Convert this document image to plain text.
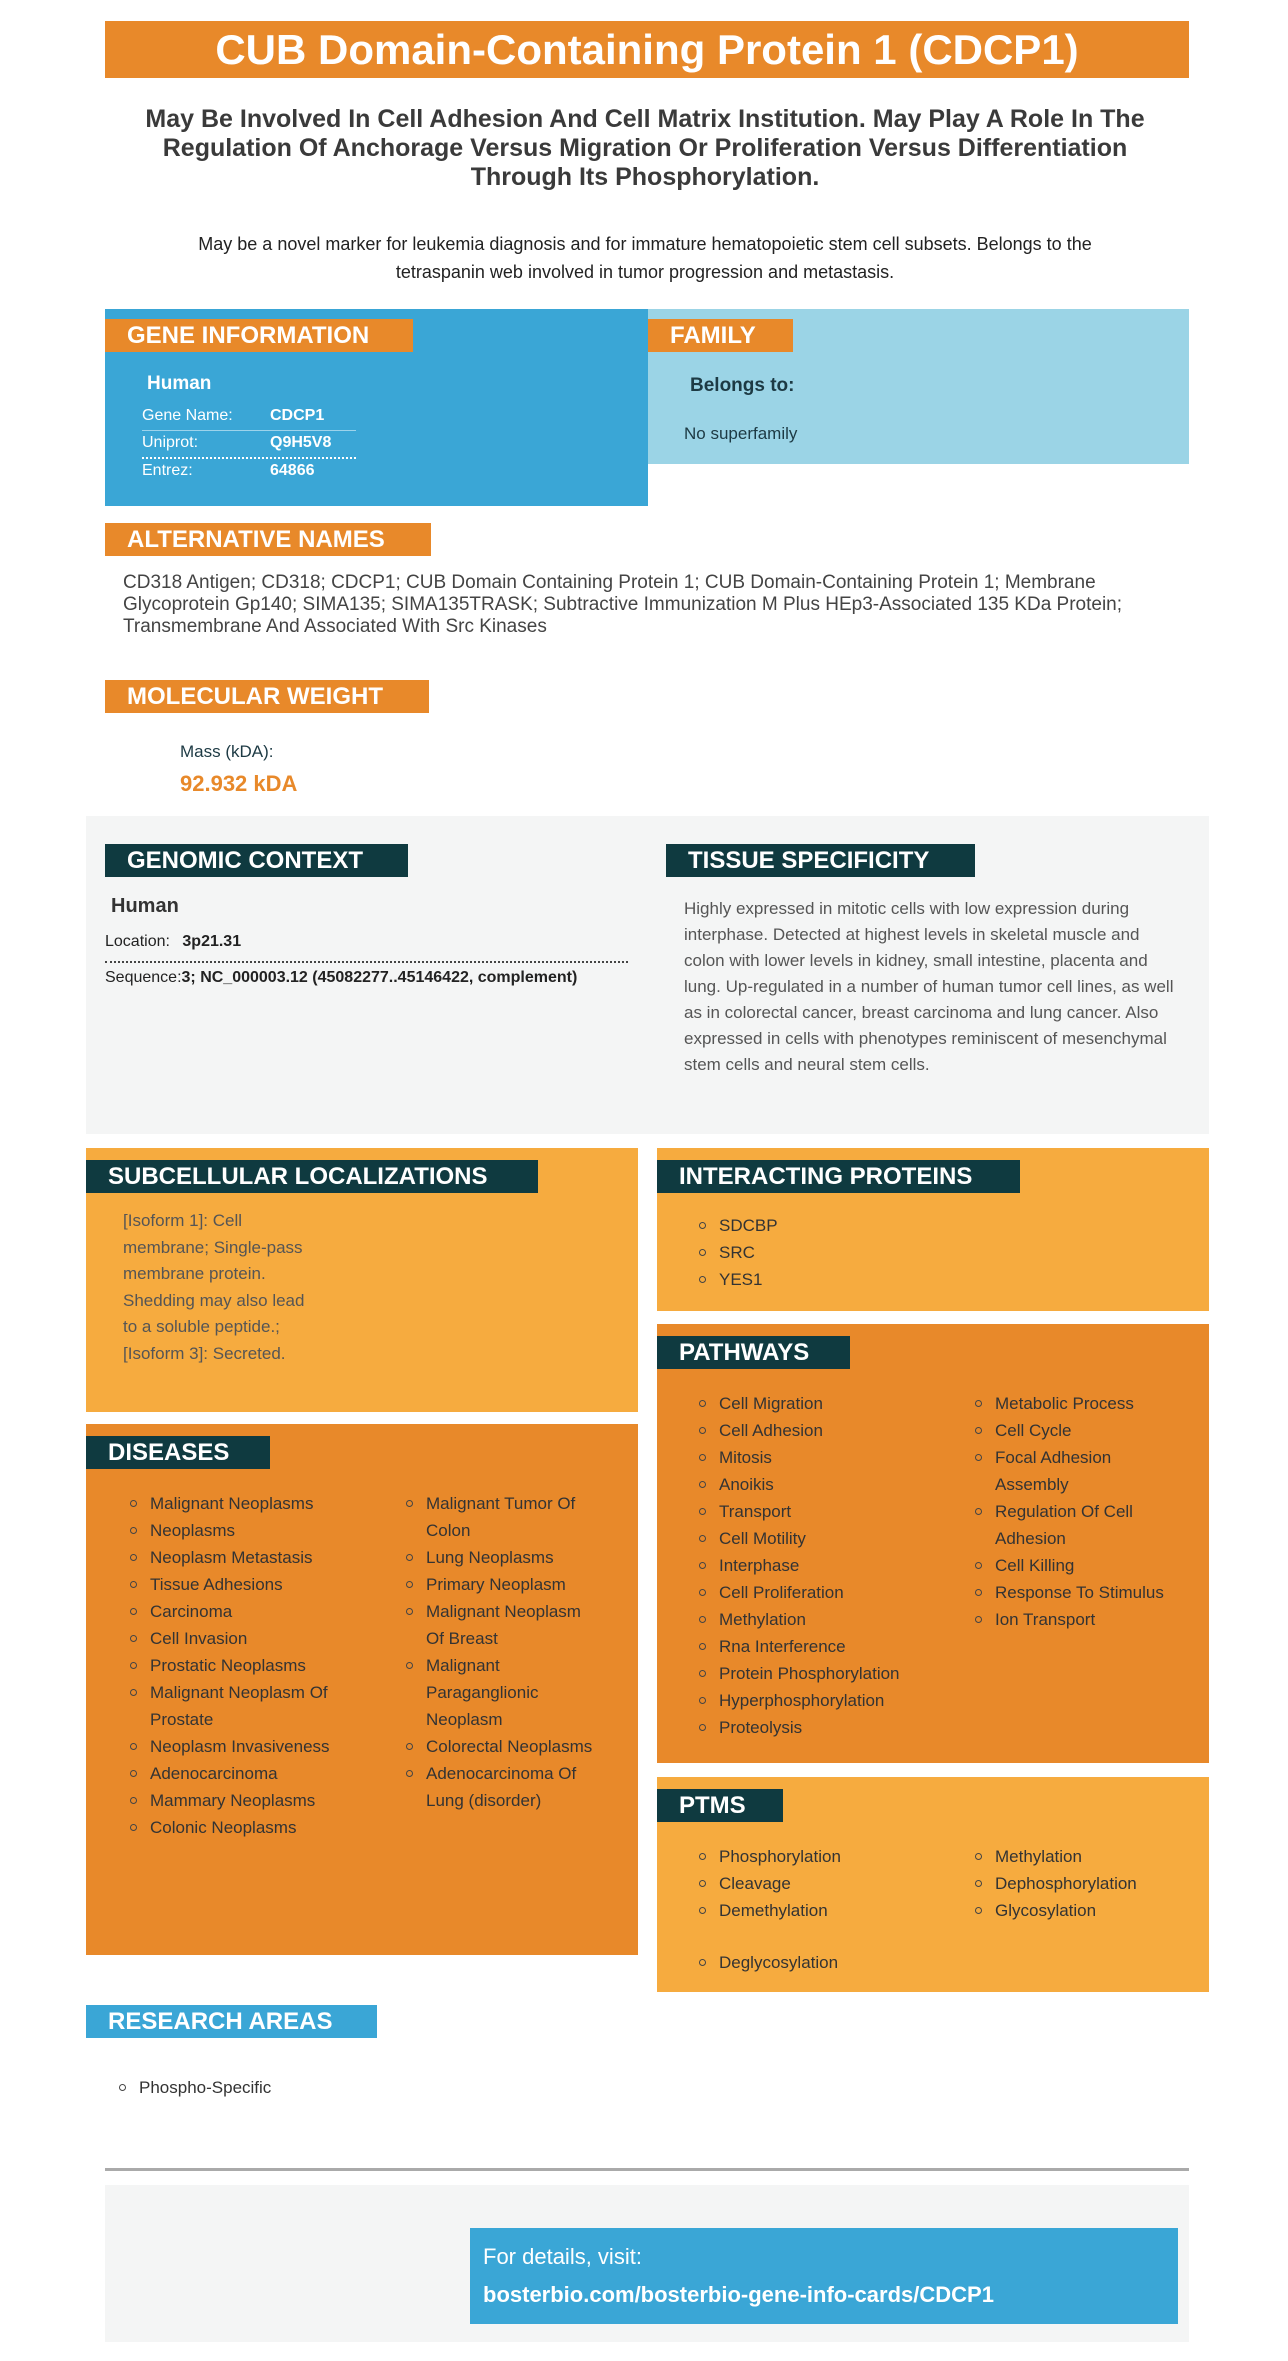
CUB Domain-Containing Protein 1 (CDCP1)
May Be Involved In Cell Adhesion And Cell Matrix Institution. May Play A Role In The Regulation Of Anchorage Versus Migration Or Proliferation Versus Differentiation Through Its Phosphorylation.
May be a novel marker for leukemia diagnosis and for immature hematopoietic stem cell subsets. Belongs to the tetraspanin web involved in tumor progression and metastasis.
GENE INFORMATION
Human
Gene Name: CDCP1
Uniprot:	Q9H5V8
Entrez:	64866
FAMILY
Belongs to:
No superfamily
ALTERNATIVE NAMES
CD318 Antigen; CD318; CDCP1; CUB Domain Containing Protein 1; CUB Domain-Containing Protein 1; Membrane Glycoprotein Gp140; SIMA135; SIMA135TRASK; Subtractive Immunization M Plus HEp3-Associated 135 KDa Protein; Transmembrane And Associated With Src Kinases
MOLECULAR WEIGHT
Mass (kDA):
92.932 kDA
GENOMIC CONTEXT
Human
Location: 3p21.31
Sequence:3; NC_000003.12 (45082277..45146422, complement)
TISSUE SPECIFICITY
Highly expressed in mitotic cells with low expression during interphase. Detected at highest levels in skeletal muscle and colon with lower levels in kidney, small intestine, placenta and lung. Up-regulated in a number of human tumor cell lines, as well as in colorectal cancer, breast carcinoma and lung cancer. Also expressed in cells with phenotypes reminiscent of mesenchymal stem cells and neural stem cells.
SUBCELLULAR LOCALIZATIONS
[Isoform 1]: Cell membrane; Single-pass membrane protein. Shedding may also lead to a soluble peptide.; [Isoform 3]: Secreted.
DISEASES
Malignant Neoplasms
Neoplasms
Neoplasm Metastasis
Tissue Adhesions
Carcinoma
Cell Invasion
Prostatic Neoplasms
Malignant Neoplasm Of Prostate
Neoplasm Invasiveness
Adenocarcinoma
Mammary Neoplasms
Colonic Neoplasms
Malignant Tumor Of Colon
Lung Neoplasms
Primary Neoplasm
Malignant Neoplasm Of Breast
Malignant Paraganglionic Neoplasm
Colorectal Neoplasms
Adenocarcinoma Of Lung (disorder)
INTERACTING PROTEINS
SDCBP
SRC
YES1
PATHWAYS
Cell Migration
Cell Adhesion
Mitosis
Anoikis
Transport
Cell Motility
Interphase
Cell Proliferation
Methylation
Rna Interference
Protein Phosphorylation
Hyperphosphorylation
Proteolysis
Metabolic Process
Cell Cycle
Focal Adhesion Assembly
Regulation Of Cell Adhesion
Cell Killing
Response To Stimulus
Ion Transport
PTMS
Phosphorylation
Cleavage
Demethylation
Methylation
Dephosphorylation
Glycosylation
Deglycosylation
RESEARCH AREAS
Phospho-Specific
For details, visit:
bosterbio.com/bosterbio-gene-info-cards/CDCP1
